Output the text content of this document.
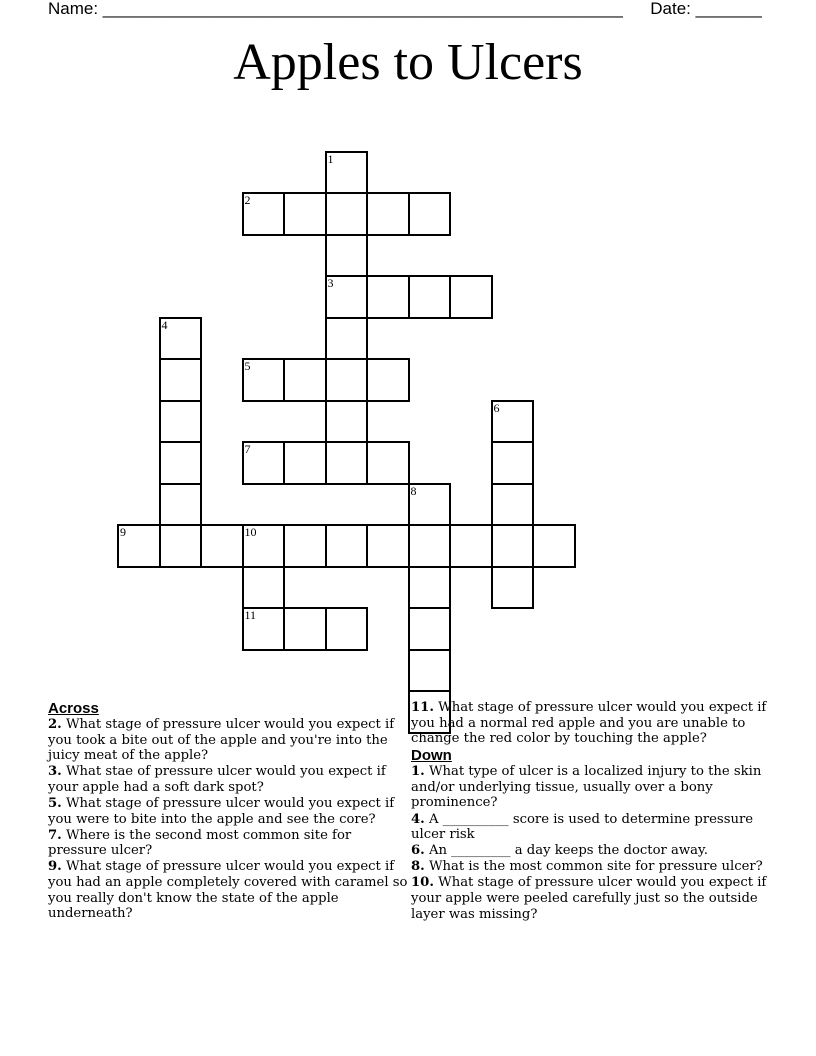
Name: _______________________________________________________ Date: _______
Apples to Ulcers
1
2
3
4
5
6
7
8
9	10
11
Across
2. What stage of pressure ulcer would you expect if you took a bite out of the apple and you're into the juicy meat of the apple?
3. What stae of pressure ulcer would you expect if your apple had a soft dark spot?
5. What stage of pressure ulcer would you expect if you were to bite into the apple and see the core?
7. Where is the second most common site for pressure ulcer?
9. What stage of pressure ulcer would you expect if you had an apple completely covered with caramel so you really don't know the state of the apple underneath?
11. What stage of pressure ulcer would you expect if you had a normal red apple and you are unable to change the red color by touching the apple?
Down
1. What type of ulcer is a localized injury to the skin and/or underlying tissue, usually over a bony prominence?
4. A __________ score is used to determine pressure ulcer risk
6. An _________ a day keeps the doctor away.
8. What is the most common site for pressure ulcer?
10. What stage of pressure ulcer would you expect if your apple were peeled carefully just so the outside layer was missing?
